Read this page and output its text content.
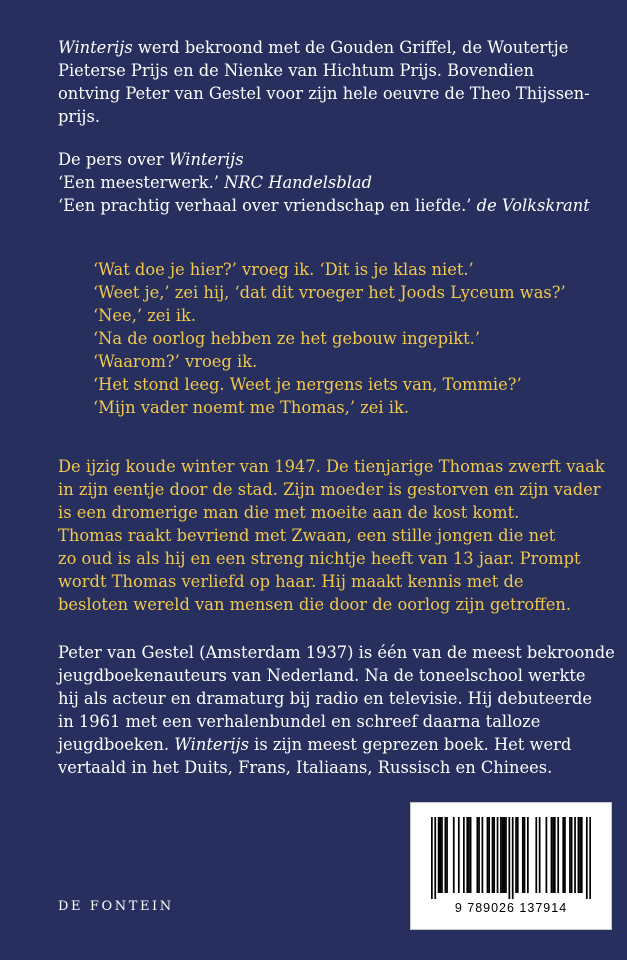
Winterijs werd bekroond met de Gouden Griffel, de Woutertje
Pieterse Prijs en de Nienke van Hichtum Prijs. Bovendien
ontving Peter van Gestel voor zijn hele oeuvre de Theo Thijssen-
prijs.

De pers over Winterijs
‘Een meesterwerk.’ NRC Handelsblad
‘Een prachtig verhaal over vriendschap en liefde.’ de Volkskrant

‘Wat doe je hier?’ vroeg ik. ‘Dit is je klas niet.’
‘Weet je,’ zei hij, ‘dat dit vroeger het Joods Lyceum was?’
‘Nee,’ zei ik.
‘Na de oorlog hebben ze het gebouw ingepikt.’
‘Waarom?’ vroeg ik.
‘Het stond leeg. Weet je nergens iets van, Tommie?’
‘Mijn vader noemt me Thomas,’ zei ik.

De ijzig koude winter van 1947. De tienjarige Thomas zwerft vaak
in zijn eentje door de stad. Zijn moeder is gestorven en zijn vader
is een dromerige man die met moeite aan de kost komt.
Thomas raakt bevriend met Zwaan, een stille jongen die net
zo oud is als hij en een streng nichtje heeft van 13 jaar. Prompt
wordt Thomas verliefd op haar. Hij maakt kennis met de
besloten wereld van mensen die door de oorlog zijn getroffen.

Peter van Gestel (Amsterdam 1937) is één van de meest bekroonde
jeugdboekenauteurs van Nederland. Na de toneelschool werkte
hij als acteur en dramaturg bij radio en televisie. Hij debuteerde
in 1961 met een verhalenbundel en schreef daarna talloze
jeugdboeken. Winterijs is zijn meest geprezen boek. Het werd
vertaald in het Duits, Frans, Italiaans, Russisch en Chinees.

DE FONTEIN	9 789026 137914
